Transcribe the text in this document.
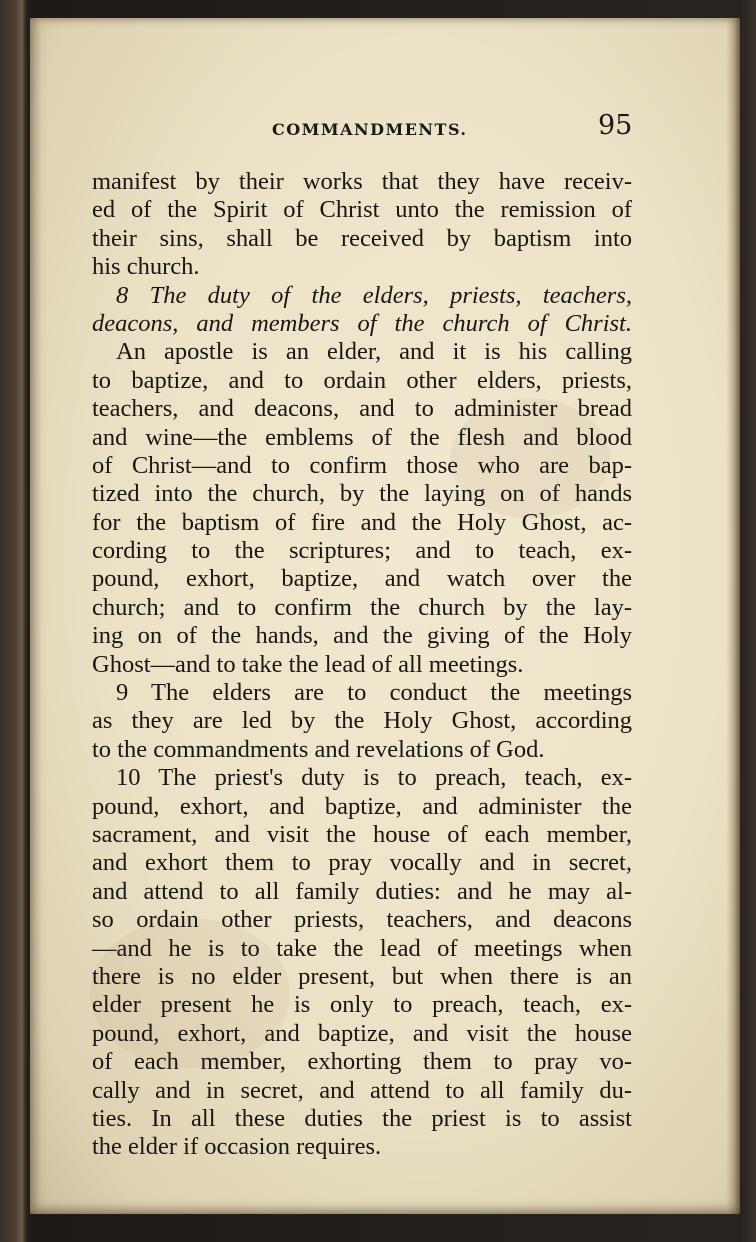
COMMANDMENTS.	95
manifest by their works that they have receiv-
ed of the Spirit of Christ unto the remission of
their sins, shall be received by baptism into
his church.
8 The duty of the elders, priests, teachers,
deacons, and members of the church of Christ.
An apostle is an elder, and it is his calling
to baptize, and to ordain other elders, priests,
teachers, and deacons, and to administer bread
and wine—the emblems of the flesh and blood
of Christ—and to confirm those who are bap-
tized into the church, by the laying on of hands
for the baptism of fire and the Holy Ghost, ac-
cording to the scriptures; and to teach, ex-
pound, exhort, baptize, and watch over the
church; and to confirm the church by the lay-
ing on of the hands, and the giving of the Holy
Ghost—and to take the lead of all meetings.
9 The elders are to conduct the meetings
as they are led by the Holy Ghost, according
to the commandments and revelations of God.
10 The priest's duty is to preach, teach, ex-
pound, exhort, and baptize, and administer the
sacrament, and visit the house of each member,
and exhort them to pray vocally and in secret,
and attend to all family duties: and he may al-
so ordain other priests, teachers, and deacons
—and he is to take the lead of meetings when
there is no elder present, but when there is an
elder present he is only to preach, teach, ex-
pound, exhort, and baptize, and visit the house
of each member, exhorting them to pray vo-
cally and in secret, and attend to all family du-
ties. In all these duties the priest is to assist
the elder if occasion requires.
